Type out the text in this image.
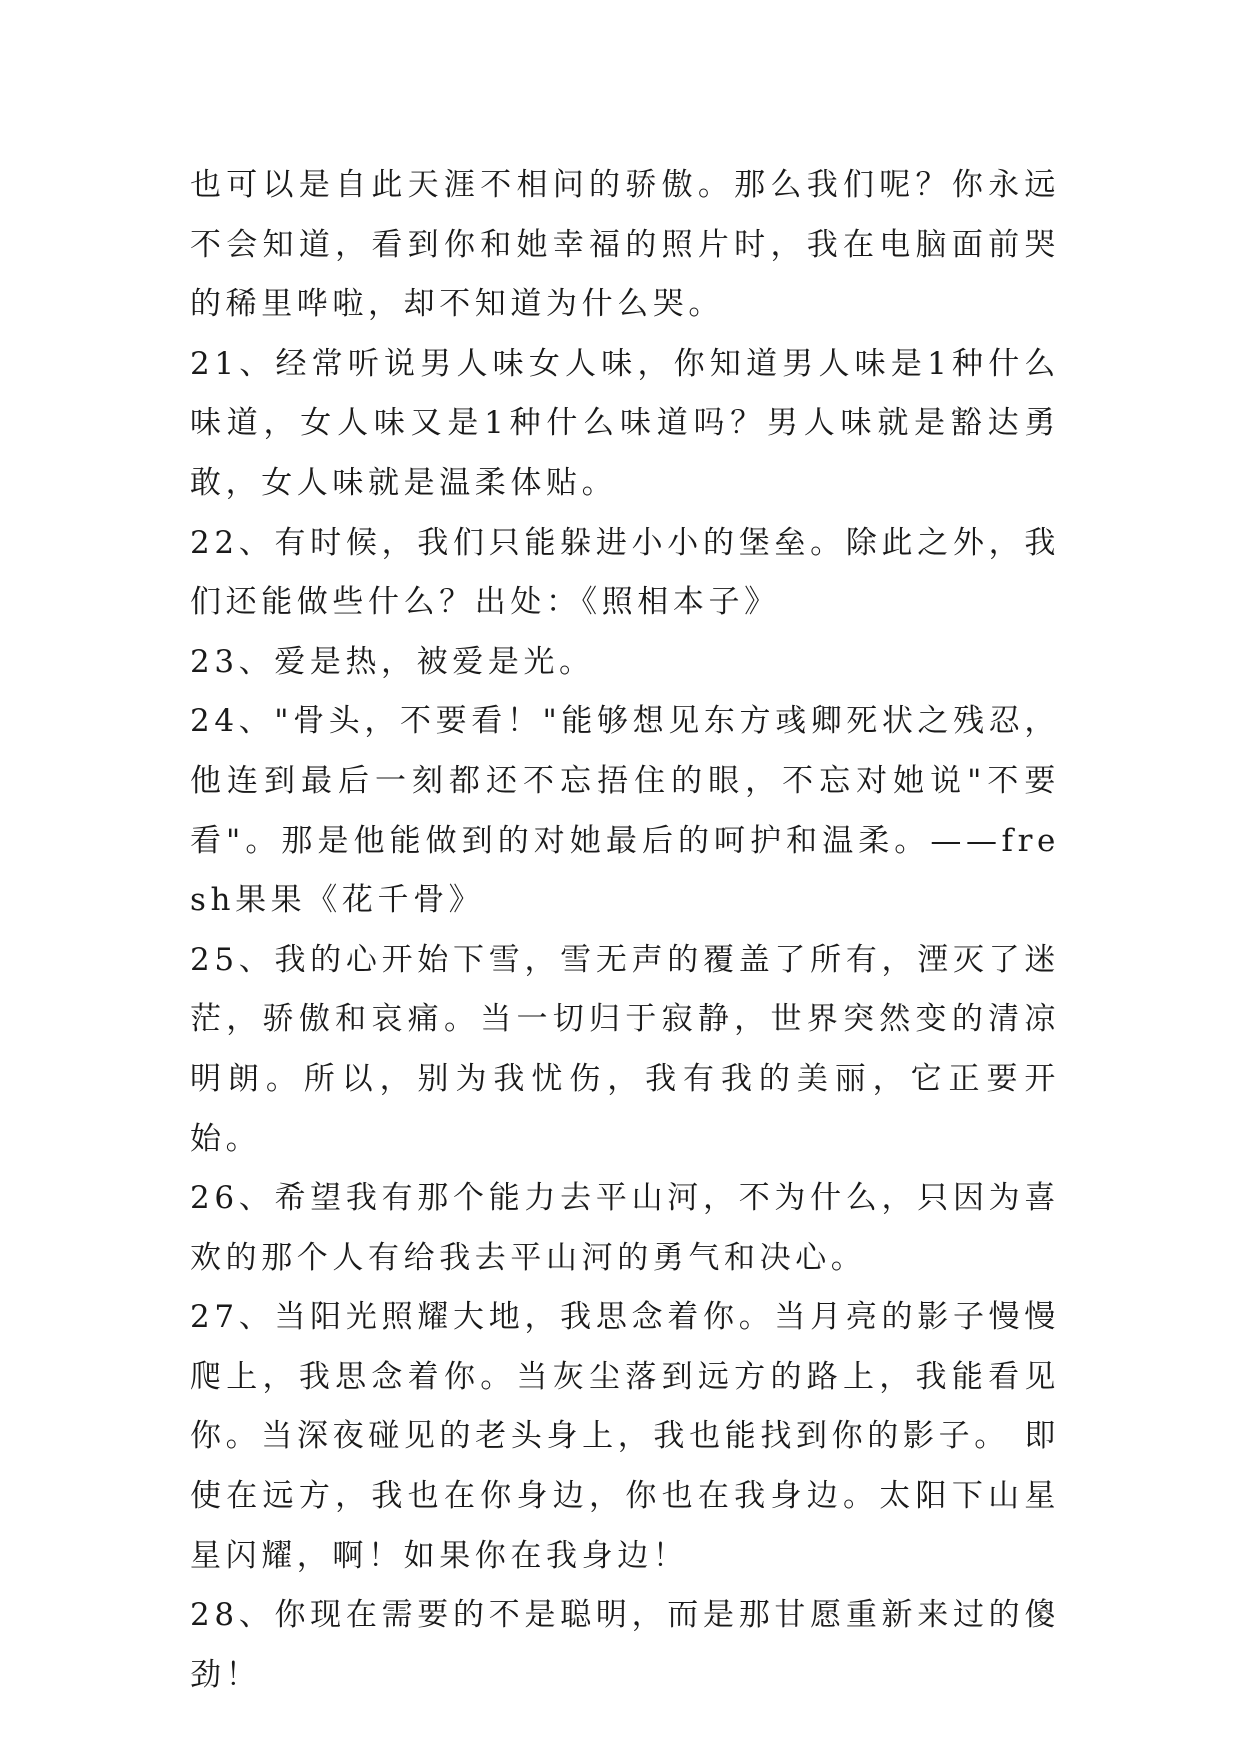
也可以是自此天涯不相问的骄傲。那么我们呢？你永远不会知道，看到你和她幸福的照片时，我在电脑面前哭的稀里哗啦，却不知道为什么哭。

21、经常听说男人味女人味，你知道男人味是1种什么味道，女人味又是1种什么味道吗？男人味就是豁达勇敢，女人味就是温柔体贴。

22、有时候，我们只能躲进小小的堡垒。除此之外，我们还能做些什么？出处：《照相本子》

23、爱是热，被爱是光。

24、"骨头，不要看！"能够想见东方彧卿死状之残忍，他连到最后一刻都还不忘捂住的眼，不忘对她说"不要看"。那是他能做到的对她最后的呵护和温柔。——fresh果果《花千骨》

25、我的心开始下雪，雪无声的覆盖了所有，湮灭了迷茫，骄傲和哀痛。当一切归于寂静，世界突然变的清凉明朗。所以，别为我忧伤，我有我的美丽，它正要开始。

26、希望我有那个能力去平山河，不为什么，只因为喜欢的那个人有给我去平山河的勇气和决心。

27、当阳光照耀大地，我思念着你。当月亮的影子慢慢爬上，我思念着你。当灰尘落到远方的路上，我能看见你。当深夜碰见的老头身上，我也能找到你的影子。 即使在远方，我也在你身边，你也在我身边。太阳下山星星闪耀，啊！如果你在我身边！

28、你现在需要的不是聪明，而是那甘愿重新来过的傻劲！
